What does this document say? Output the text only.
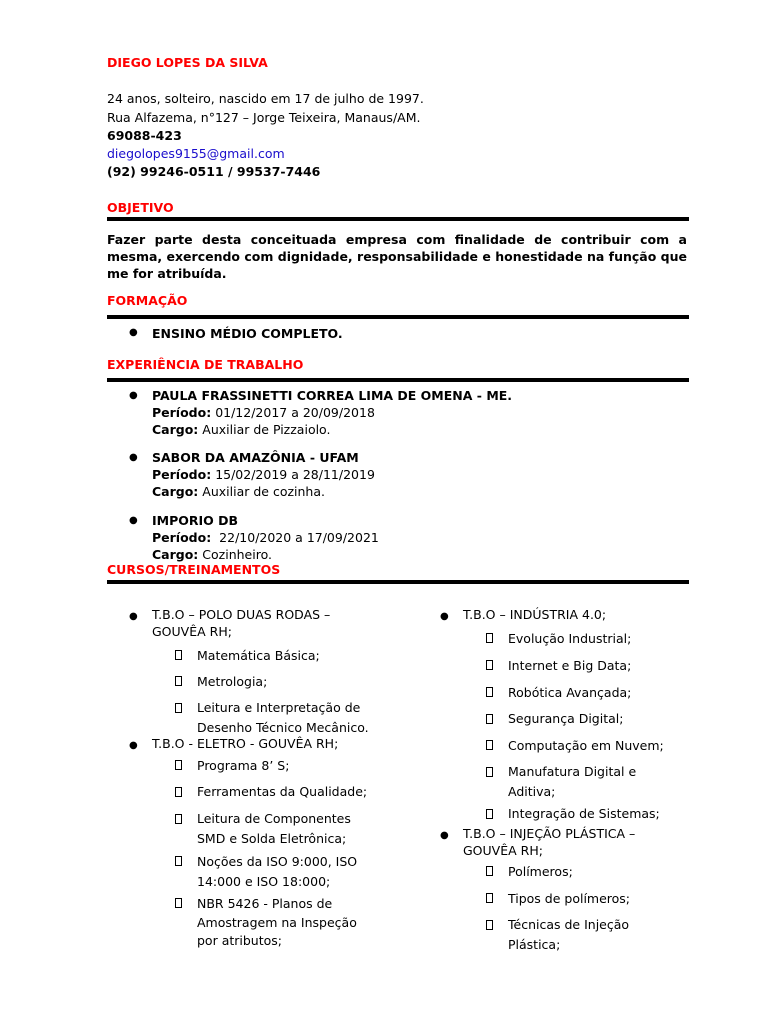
DIEGO LOPES DA SILVA
24 anos, solteiro, nascido em 17 de julho de 1997.
Rua Alfazema, n°127 – Jorge Teixeira, Manaus/AM.
69088-423
diegolopes9155@gmail.com
(92) 99246-0511 / 99537-7446
OBJETIVO
Fazer parte desta conceituada empresa com finalidade de contribuir com a mesma, exercendo com dignidade, responsabilidade e honestidade na função que me for atribuída.
FORMAÇÃO
● ENSINO MÉDIO COMPLETO.
EXPERIÊNCIA DE TRABALHO
● PAULA FRASSINETTI CORREA LIMA DE OMENA - ME.
Período: 01/12/2017 a 20/09/2018
Cargo: Auxiliar de Pizzaiolo.
● SABOR DA AMAZÔNIA - UFAM
Período: 15/02/2019 a 28/11/2019
Cargo: Auxiliar de cozinha.
● IMPORIO DB
Período:  22/10/2020 a 17/09/2021
Cargo: Cozinheiro.
CURSOS/TREINAMENTOS
● T.B.O – POLO DUAS RODAS –
GOUVÊA RH;
Matemática Básica;
Metrologia;
Leitura e Interpretação de
Desenho Técnico Mecânico.
● T.B.O - ELETRO - GOUVÊA RH;
Programa 8’ S;
Ferramentas da Qualidade;
Leitura de Componentes
SMD e Solda Eletrônica;
Noções da ISO 9:000, ISO
14:000 e ISO 18:000;
NBR 5426 - Planos de
Amostragem na Inspeção
por atributos;
● T.B.O – INDÚSTRIA 4.0;
Evolução Industrial;
Internet e Big Data;
Robótica Avançada;
Segurança Digital;
Computação em Nuvem;
Manufatura Digital e
Aditiva;
Integração de Sistemas;
● T.B.O – INJEÇÃO PLÁSTICA –
GOUVÊA RH;
Polímeros;
Tipos de polímeros;
Técnicas de Injeção
Plástica;
